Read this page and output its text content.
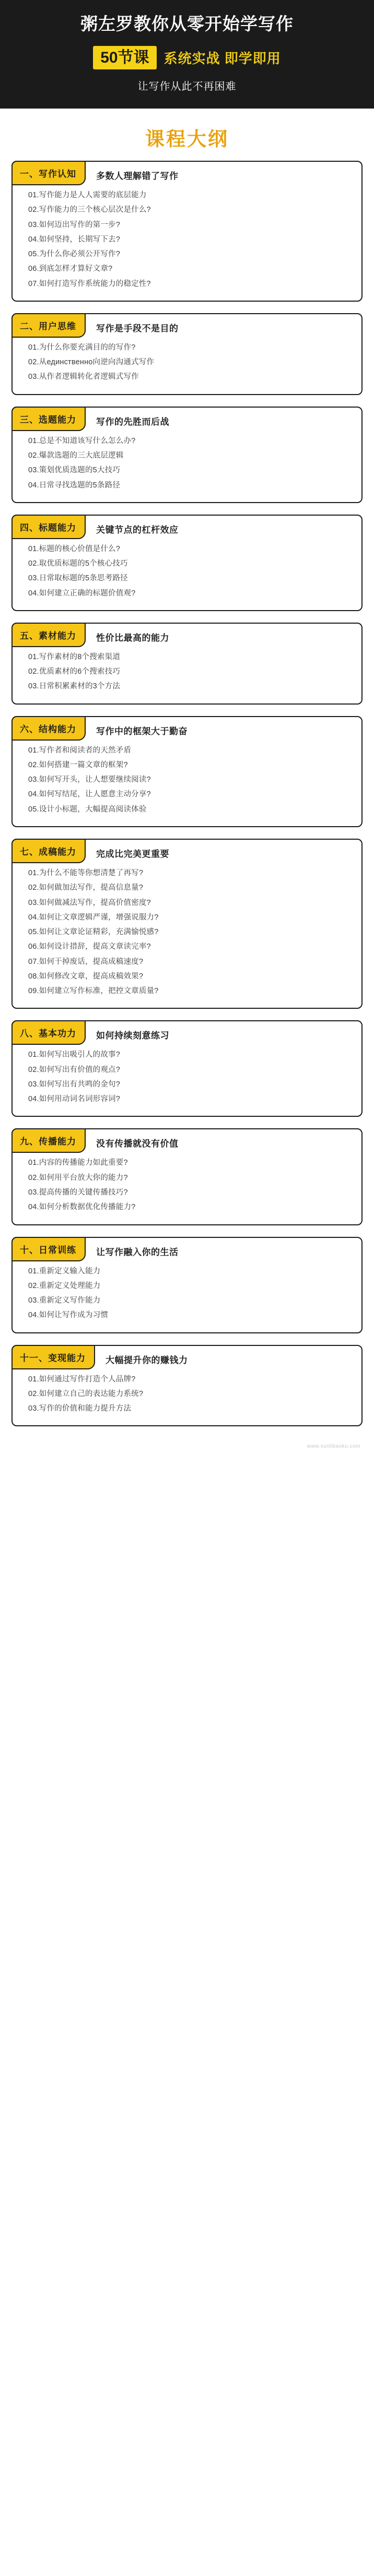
粥左罗教你从零开始学写作
50节课	系统实战 即学即用
让写作从此不再困难
课程大纲
一、写作认知	多数人理解错了写作
01.写作能力是人人需要的底层能力
02.写作能力的三个核心层次是什么?
03.如何迈出写作的第一步?
04.如何坚持，长期写下去?
05.为什么你必须公开写作?
06.到底怎样才算好文章?
07.如何打造写作系统能力的稳定性?
二、用户思维	写作是手段不是目的
01.为什么你要充满目的的写作?
02.从единственно向逆向沟通式写作
03.从作者逻辑转化者逻辑式写作
三、选题能力	写作的先胜而后战
01.总是不知道该写什么怎么办?
02.爆款选题的三大底层逻辑
03.策划优质选题的5大技巧
04.日常寻找选题的5条路径
四、标题能力	关键节点的杠杆效应
01.标题的核心价值是什么?
02.取优质标题的5个核心技巧
03.日常取标题的5条思考路径
04.如何建立正确的标题价值观?
五、素材能力	性价比最高的能力
01.写作素材的8个搜索渠道
02.优质素材的6个搜索技巧
03.日常积累素材的3个方法
六、结构能力	写作中的框架大于勤奋
01.写作者和阅读者的天然矛盾
02.如何搭建一篇文章的框架?
03.如何写开头，让人想要继续阅读?
04.如何写结尾，让人愿意主动分享?
05.设计小标题，大幅提高阅读体验
七、成稿能力	完成比完美更重要
01.为什么不能等你想清楚了再写?
02.如何做加法写作，提高信息量?
03.如何做减法写作，提高价值密度?
04.如何让文章逻辑严谨，增强说服力?
05.如何让文章论证精彩，充满愉悦感?
06.如何设计措辞，提高文章读完率?
07.如何干掉废话，提高成稿速度?
08.如何修改文章，提高成稿效果?
09.如何建立写作标准，把控文章质量?
八、基本功力	如何持续刻意练习
01.如何写出吸引人的故事?
02.如何写出有价值的观点?
03.如何写出有共鸣的金句?
04.如何用动词名词形容词?
九、传播能力	没有传播就没有价值
01.内容的传播能力如此重要?
02.如何用平台放大你的能力?
03.提高传播的关键传播技巧?
04.如何分析数据优化传播能力?
十、日常训练	让写作融入你的生活
01.重新定义输入能力
02.重新定义处理能力
03.重新定义写作能力
04.如何让写作成为习惯
十一、变现能力	大幅提升你的赚钱力
01.如何通过写作打造个人品牌?
02.如何建立自己的表达能力系统?
03.写作的价值和能力提升方法
www.xunlibaoku.com
